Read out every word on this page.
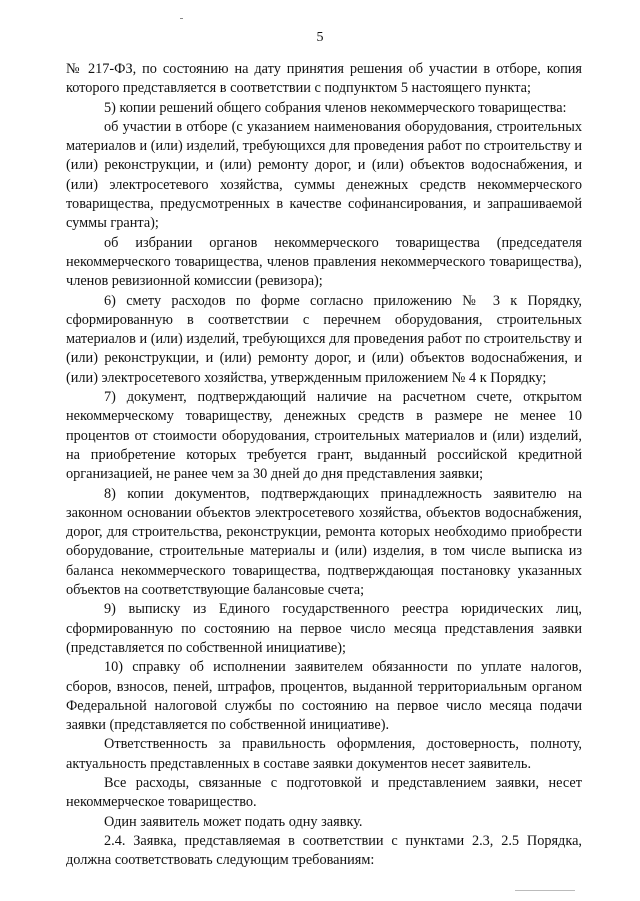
5

№ 217-ФЗ, по состоянию на дату принятия решения об участии в отборе, копия которого представляется в соответствии с подпунктом 5 настоящего пункта;

5) копии решений общего собрания членов некоммерческого товарищества:

об участии в отборе (с указанием наименования оборудования, строительных материалов и (или) изделий, требующихся для проведения работ по строительству и (или) реконструкции, и (или) ремонту дорог, и (или) объектов водоснабжения, и (или) электросетевого хозяйства, суммы денежных средств некоммерческого товарищества, предусмотренных в качестве софинансирования, и запрашиваемой суммы гранта);

об избрании органов некоммерческого товарищества (председателя некоммерческого товарищества, членов правления некоммерческого товарищества), членов ревизионной комиссии (ревизора);

6) смету расходов по форме согласно приложению № 3 к Порядку, сформированную в соответствии с перечнем оборудования, строительных материалов и (или) изделий, требующихся для проведения работ по строительству и (или) реконструкции, и (или) ремонту дорог, и (или) объектов водоснабжения, и (или) электросетевого хозяйства, утвержденным приложением № 4 к Порядку;

7) документ, подтверждающий наличие на расчетном счете, открытом некоммерческому товариществу, денежных средств в размере не менее 10 процентов от стоимости оборудования, строительных материалов и (или) изделий, на приобретение которых требуется грант, выданный российской кредитной организацией, не ранее чем за 30 дней до дня представления заявки;

8) копии документов, подтверждающих принадлежность заявителю на законном основании объектов электросетевого хозяйства, объектов водоснабжения, дорог, для строительства, реконструкции, ремонта которых необходимо приобрести оборудование, строительные материалы и (или) изделия, в том числе выписка из баланса некоммерческого товарищества, подтверждающая постановку указанных объектов на соответствующие балансовые счета;

9) выписку из Единого государственного реестра юридических лиц, сформированную по состоянию на первое число месяца представления заявки (представляется по собственной инициативе);

10) справку об исполнении заявителем обязанности по уплате налогов, сборов, взносов, пеней, штрафов, процентов, выданной территориальным органом Федеральной налоговой службы по состоянию на первое число месяца подачи заявки (представляется по собственной инициативе).

Ответственность за правильность оформления, достоверность, полноту, актуальность представленных в составе заявки документов несет заявитель.

Все расходы, связанные с подготовкой и представлением заявки, несет некоммерческое товарищество.

Один заявитель может подать одну заявку.

2.4. Заявка, представляемая в соответствии с пунктами 2.3, 2.5 Порядка, должна соответствовать следующим требованиям:
